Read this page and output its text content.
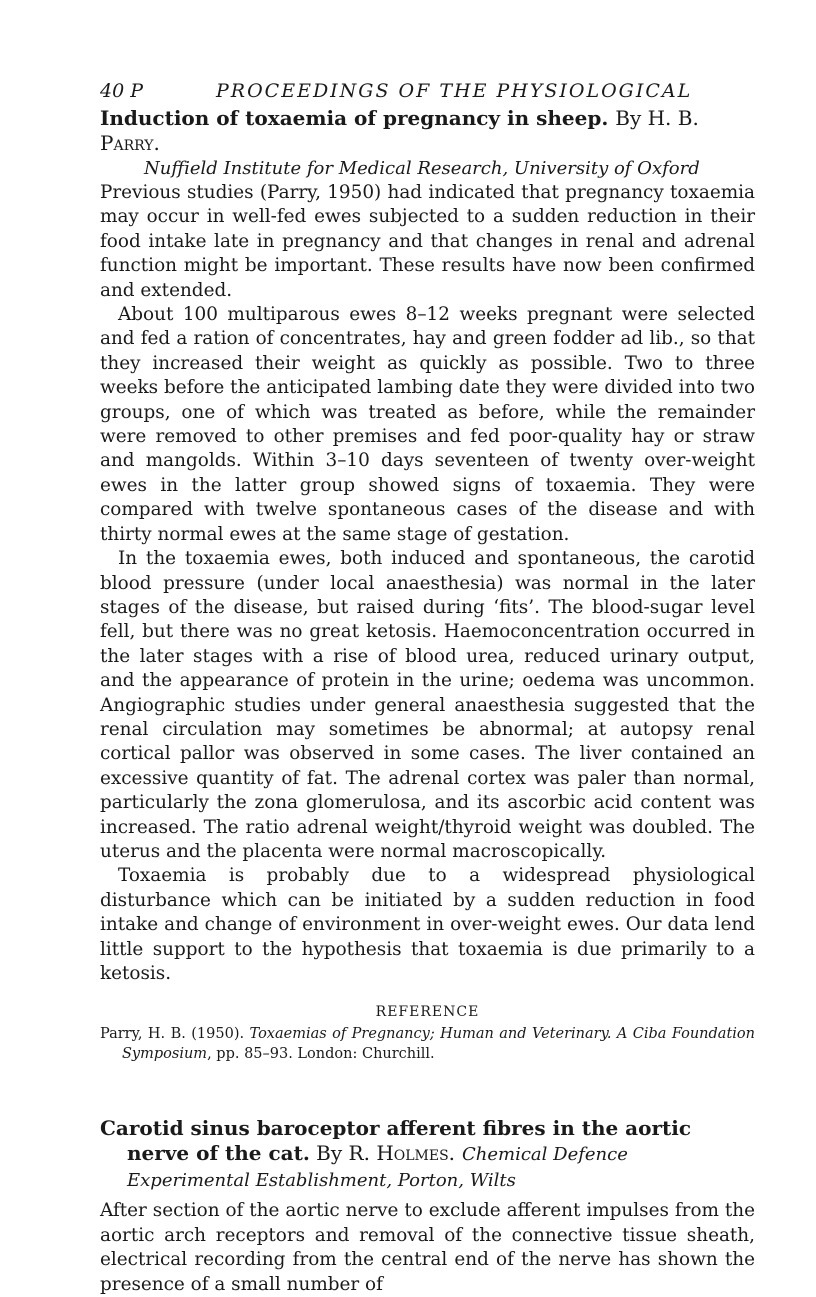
40 P	PROCEEDINGS OF THE PHYSIOLOGICAL
Induction of toxaemia of pregnancy in sheep. By H. B. Parry.
Nuffield Institute for Medical Research, University of Oxford

Previous studies (Parry, 1950) had indicated that pregnancy toxaemia may occur in well-fed ewes subjected to a sudden reduction in their food intake late in pregnancy and that changes in renal and adrenal function might be important. These results have now been confirmed and extended.

About 100 multiparous ewes 8–12 weeks pregnant were selected and fed a ration of concentrates, hay and green fodder ad lib., so that they increased their weight as quickly as possible. Two to three weeks before the anticipated lambing date they were divided into two groups, one of which was treated as before, while the remainder were removed to other premises and fed poor-quality hay or straw and mangolds. Within 3–10 days seventeen of twenty over-weight ewes in the latter group showed signs of toxaemia. They were compared with twelve spontaneous cases of the disease and with thirty normal ewes at the same stage of gestation.

In the toxaemia ewes, both induced and spontaneous, the carotid blood pressure (under local anaesthesia) was normal in the later stages of the disease, but raised during ‘fits’. The blood-sugar level fell, but there was no great ketosis. Haemoconcentration occurred in the later stages with a rise of blood urea, reduced urinary output, and the appearance of protein in the urine; oedema was uncommon. Angiographic studies under general anaesthesia suggested that the renal circulation may sometimes be abnormal; at autopsy renal cortical pallor was observed in some cases. The liver contained an excessive quantity of fat. The adrenal cortex was paler than normal, particularly the zona glomerulosa, and its ascorbic acid content was increased. The ratio adrenal weight/thyroid weight was doubled. The uterus and the placenta were normal macroscopically.

Toxaemia is probably due to a widespread physiological disturbance which can be initiated by a sudden reduction in food intake and change of environment in over-weight ewes. Our data lend little support to the hypothesis that toxaemia is due primarily to a ketosis.

REFERENCE
Parry, H. B. (1950). Toxaemias of Pregnancy; Human and Veterinary. A Ciba Foundation Symposium, pp. 85–93. London: Churchill.
Carotid sinus baroceptor afferent fibres in the aortic nerve of the cat. By R. Holmes. Chemical Defence Experimental Establishment, Porton, Wilts

After section of the aortic nerve to exclude afferent impulses from the aortic arch receptors and removal of the connective tissue sheath, electrical recording from the central end of the nerve has shown the presence of a small number of
